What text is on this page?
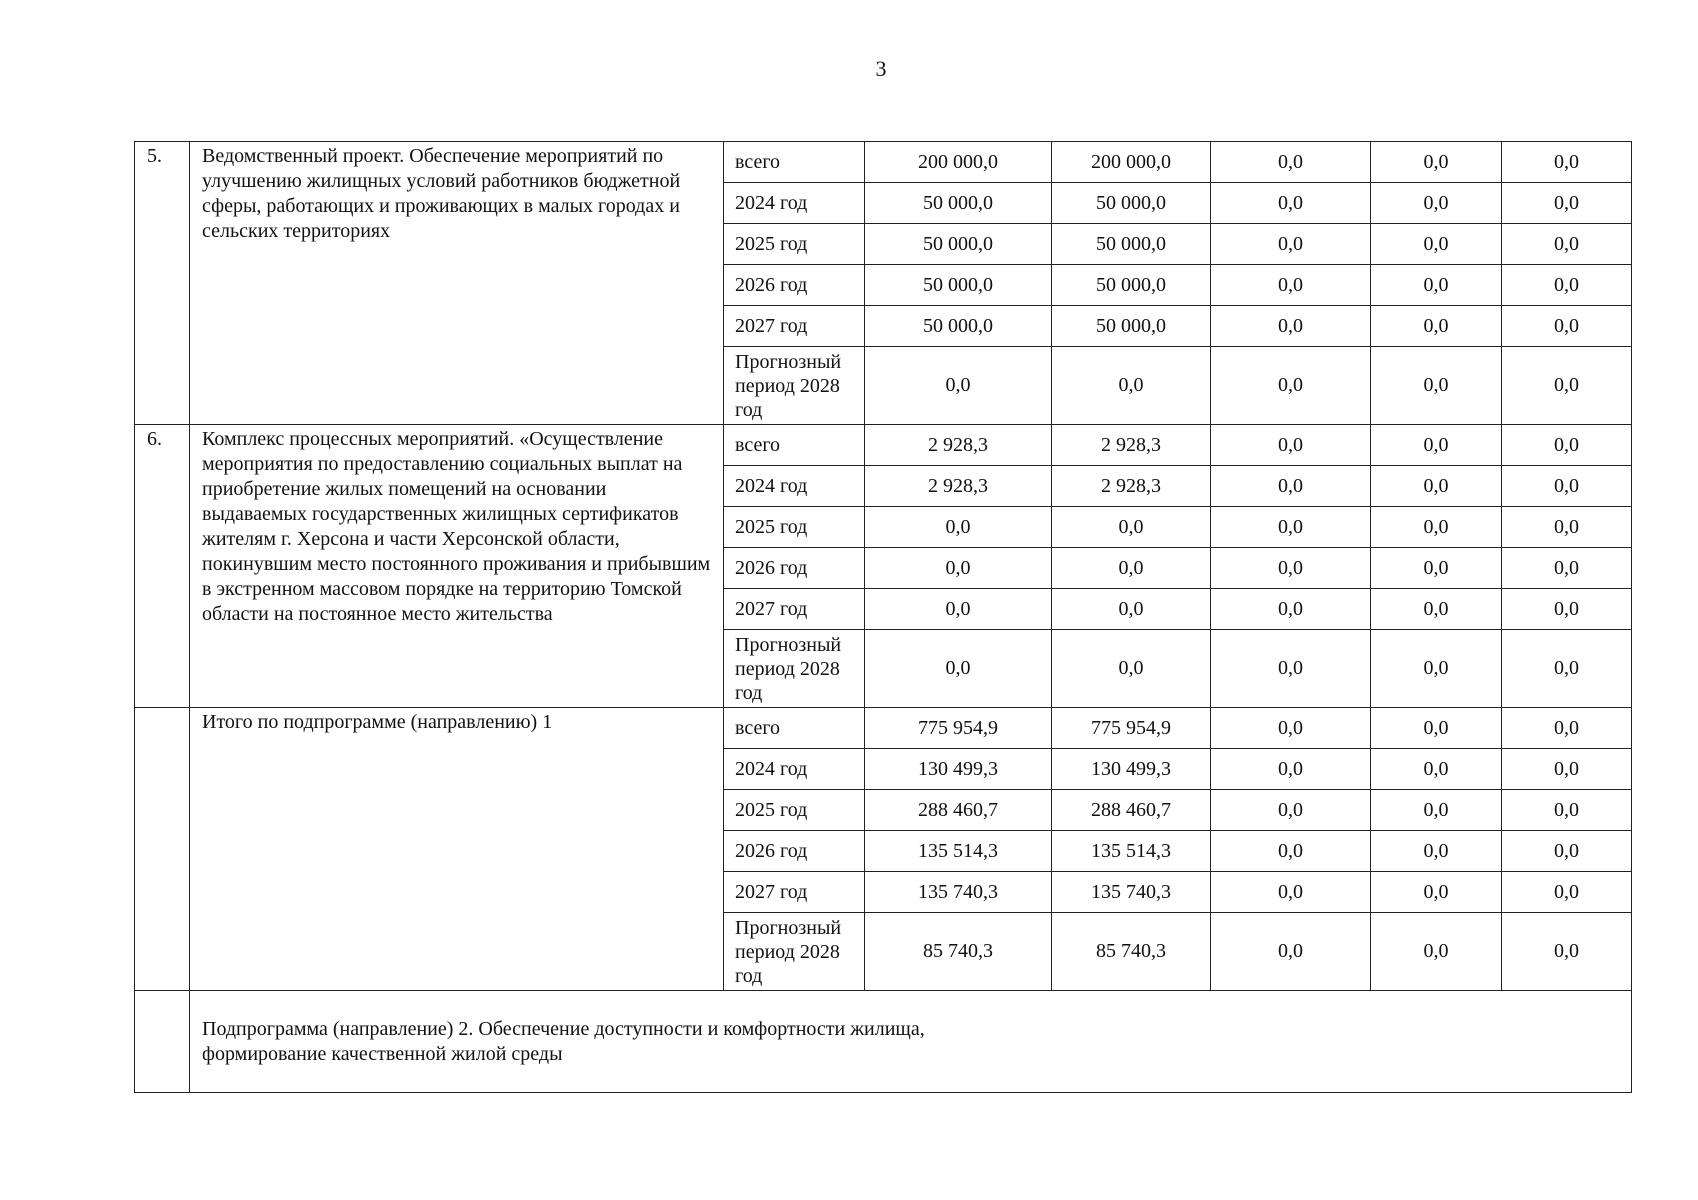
3
5.	Ведомственный проект. Обеспечение мероприятий по улучшению жилищных условий работников бюджетной сферы, работающих и проживающих в малых городах и сельских территориях	всего	200 000,0	200 000,0	0,0	0,0	0,0
		2024 год	50 000,0	50 000,0	0,0	0,0	0,0
		2025 год	50 000,0	50 000,0	0,0	0,0	0,0
		2026 год	50 000,0	50 000,0	0,0	0,0	0,0
		2027 год	50 000,0	50 000,0	0,0	0,0	0,0
		Прогнозный период 2028 год	0,0	0,0	0,0	0,0	0,0
6.	Комплекс процессных мероприятий. «Осуществление мероприятия по предоставлению социальных выплат на приобретение жилых помещений на основании выдаваемых государственных жилищных сертификатов жителям г. Херсона и части Херсонской области, покинувшим место постоянного проживания и прибывшим в экстренном массовом порядке на территорию Томской области на постоянное место жительства	всего	2 928,3	2 928,3	0,0	0,0	0,0
		2024 год	2 928,3	2 928,3	0,0	0,0	0,0
		2025 год	0,0	0,0	0,0	0,0	0,0
		2026 год	0,0	0,0	0,0	0,0	0,0
		2027 год	0,0	0,0	0,0	0,0	0,0
		Прогнозный период 2028 год	0,0	0,0	0,0	0,0	0,0
	Итого по подпрограмме (направлению) 1	всего	775 954,9	775 954,9	0,0	0,0	0,0
		2024 год	130 499,3	130 499,3	0,0	0,0	0,0
		2025 год	288 460,7	288 460,7	0,0	0,0	0,0
		2026 год	135 514,3	135 514,3	0,0	0,0	0,0
		2027 год	135 740,3	135 740,3	0,0	0,0	0,0
		Прогнозный период 2028 год	85 740,3	85 740,3	0,0	0,0	0,0

	Подпрограмма (направление) 2. Обеспечение доступности и комфортности жилища,
формирование качественной жилой среды						
